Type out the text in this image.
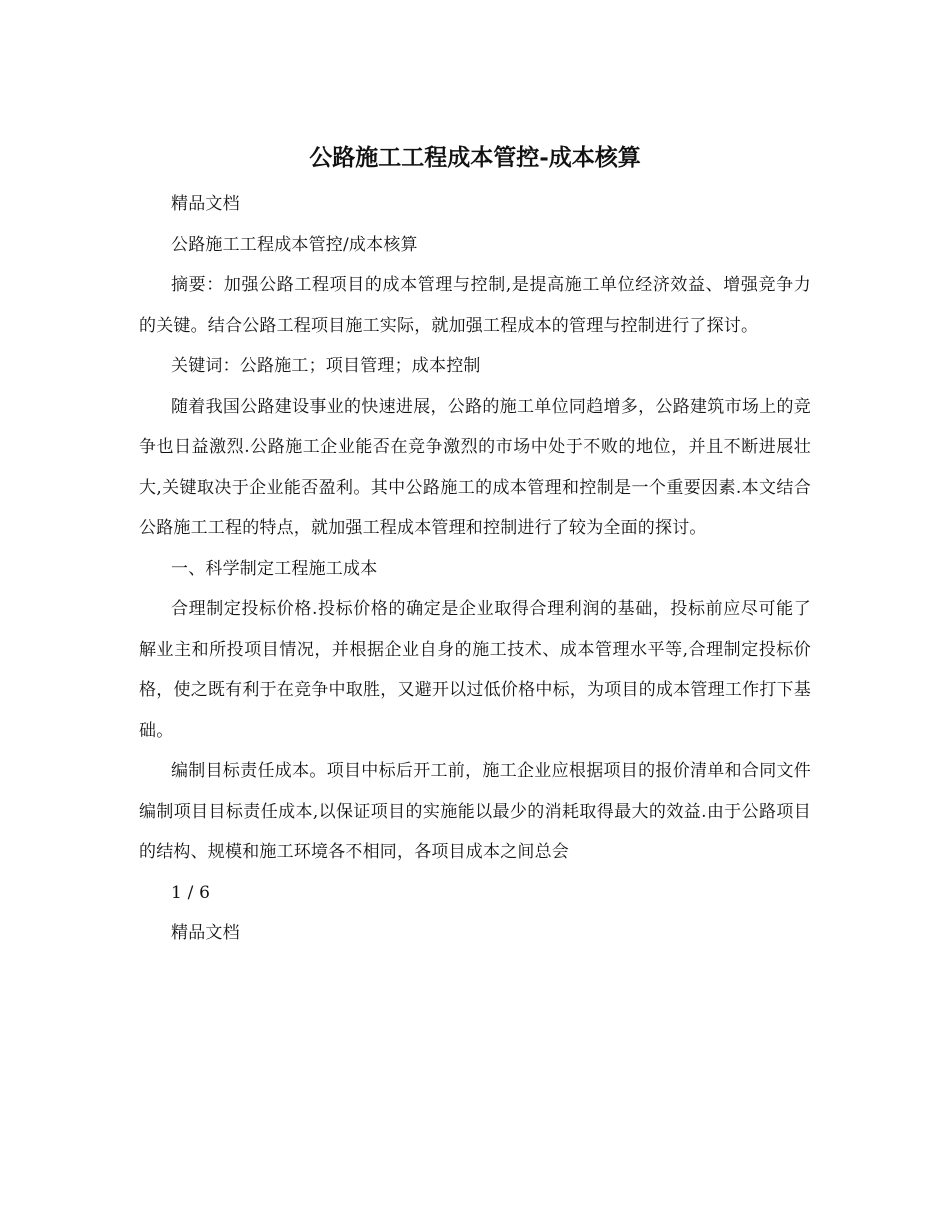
公路施工工程成本管控-成本核算

精品文档

公路施工工程成本管控/成本核算

摘要：加强公路工程项目的成本管理与控制,是提高施工单位经济效益、增强竞争力的关键。结合公路工程项目施工实际，就加强工程成本的管理与控制进行了探讨。

关键词：公路施工；项目管理；成本控制

随着我国公路建设事业的快速进展，公路的施工单位同趋增多，公路建筑市场上的竞争也日益激烈.公路施工企业能否在竞争激烈的市场中处于不败的地位，并且不断进展壮大,关键取决于企业能否盈利。其中公路施工的成本管理和控制是一个重要因素.本文结合公路施工工程的特点，就加强工程成本管理和控制进行了较为全面的探讨。

一、科学制定工程施工成本

合理制定投标价格.投标价格的确定是企业取得合理利润的基础，投标前应尽可能了解业主和所投项目情况，并根据企业自身的施工技术、成本管理水平等,合理制定投标价格，使之既有利于在竞争中取胜，又避开以过低价格中标，为项目的成本管理工作打下基础。

编制目标责任成本。项目中标后开工前，施工企业应根据项目的报价清单和合同文件编制项目目标责任成本,以保证项目的实施能以最少的消耗取得最大的效益.由于公路项目的结构、规模和施工环境各不相同，各项目成本之间总会

1 / 6

精品文档
